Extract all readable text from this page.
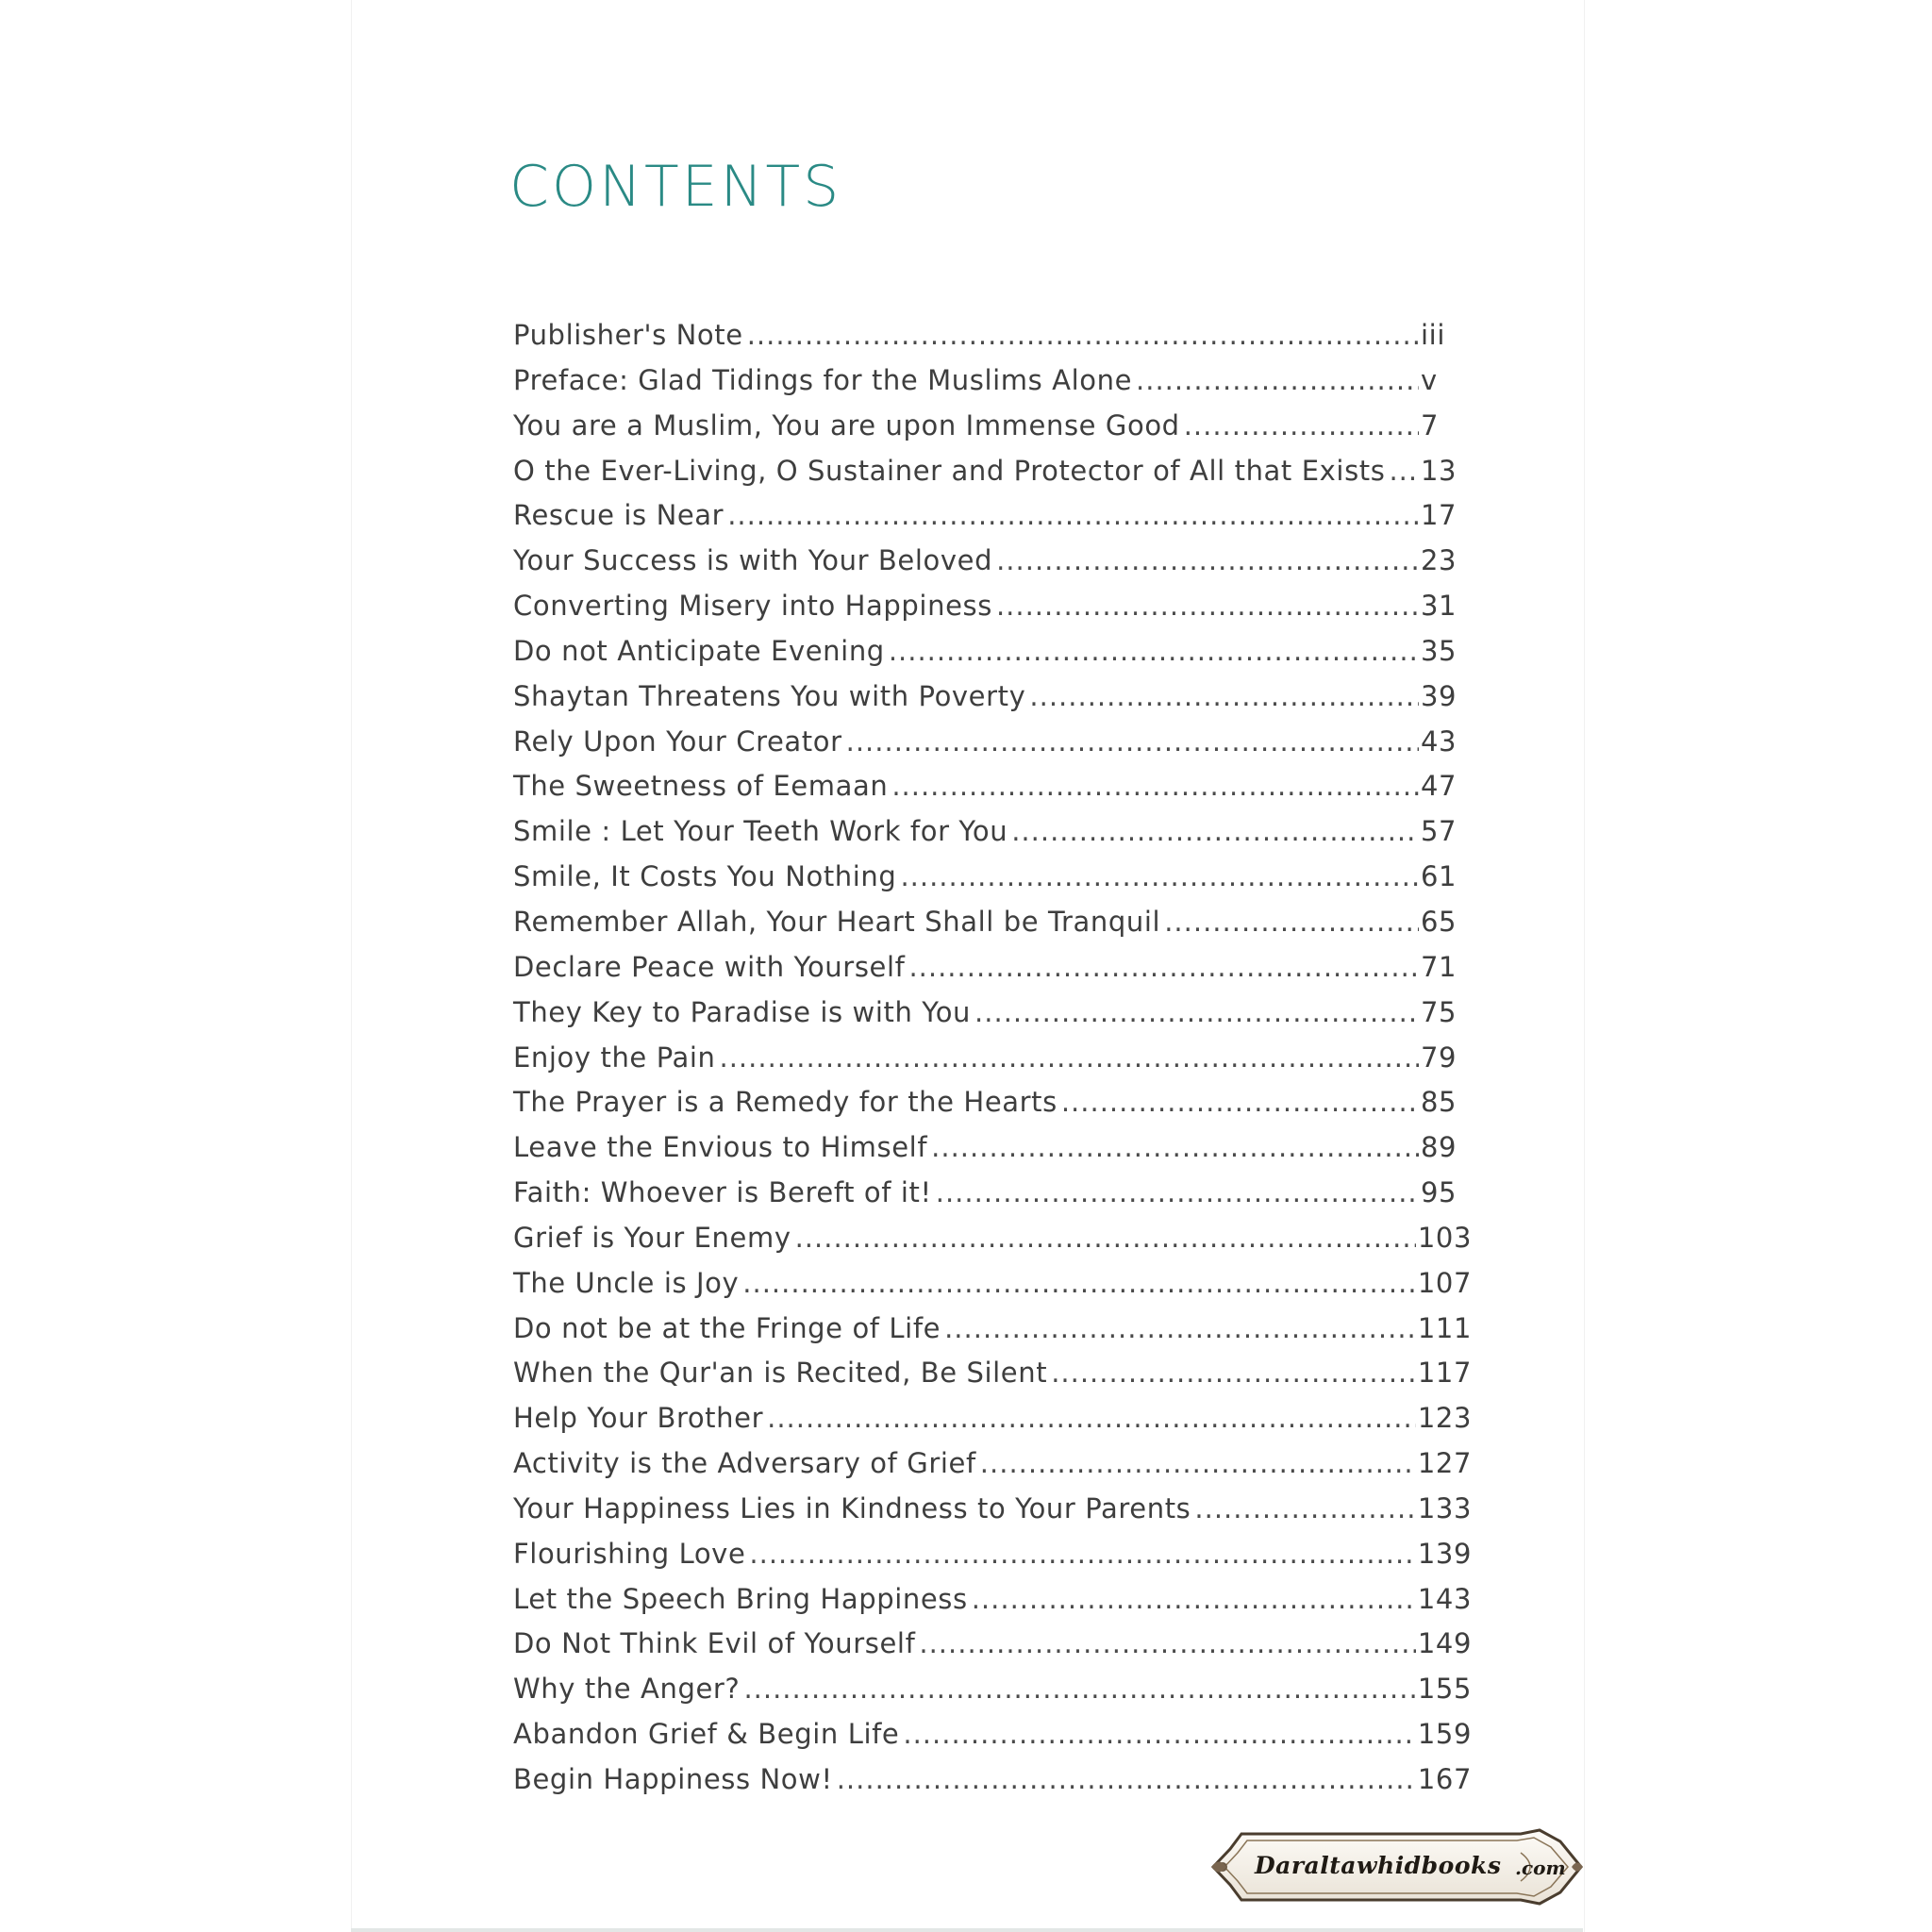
CONTENTS
Publisher's Note .....	iii
Preface: Glad Tidings for the Muslims Alone .....	v
You are a Muslim, You are upon Immense Good .....	7
O the Ever-Living, O Sustainer and Protector of All that Exists ..... 13
Rescue is Near .....	17
Your Success is with Your Beloved .....	23
Converting Misery into Happiness .....	31
Do not Anticipate Evening .....	35
Shaytan Threatens You with Poverty .....	39
Rely Upon Your Creator .....	43
The Sweetness of Eemaan .....	47
Smile : Let Your Teeth Work for You .....	57
Smile, It Costs You Nothing .....	61
Remember Allah, Your Heart Shall be Tranquil .....	65
Declare Peace with Yourself .....	71
They Key to Paradise is with You .....	75
Enjoy the Pain .....	79
The Prayer is a Remedy for the Hearts .....	85
Leave the Envious to Himself .....	89
Faith: Whoever is Bereft of it! .....	95
Grief is Your Enemy .....	103
The Uncle is Joy .....	107
Do not be at the Fringe of Life .....	111
When the Qur'an is Recited, Be Silent .....	117
Help Your Brother .....	123
Activity is the Adversary of Grief .....	127
Your Happiness Lies in Kindness to Your Parents .....	133
Flourishing Love .....	139
Let the Speech Bring Happiness .....	143
Do Not Think Evil of Yourself .....	149
Why the Anger? .....	155
Abandon Grief & Begin Life .....	159
Begin Happiness Now! .....	167
Daraltawhidbooks .com
